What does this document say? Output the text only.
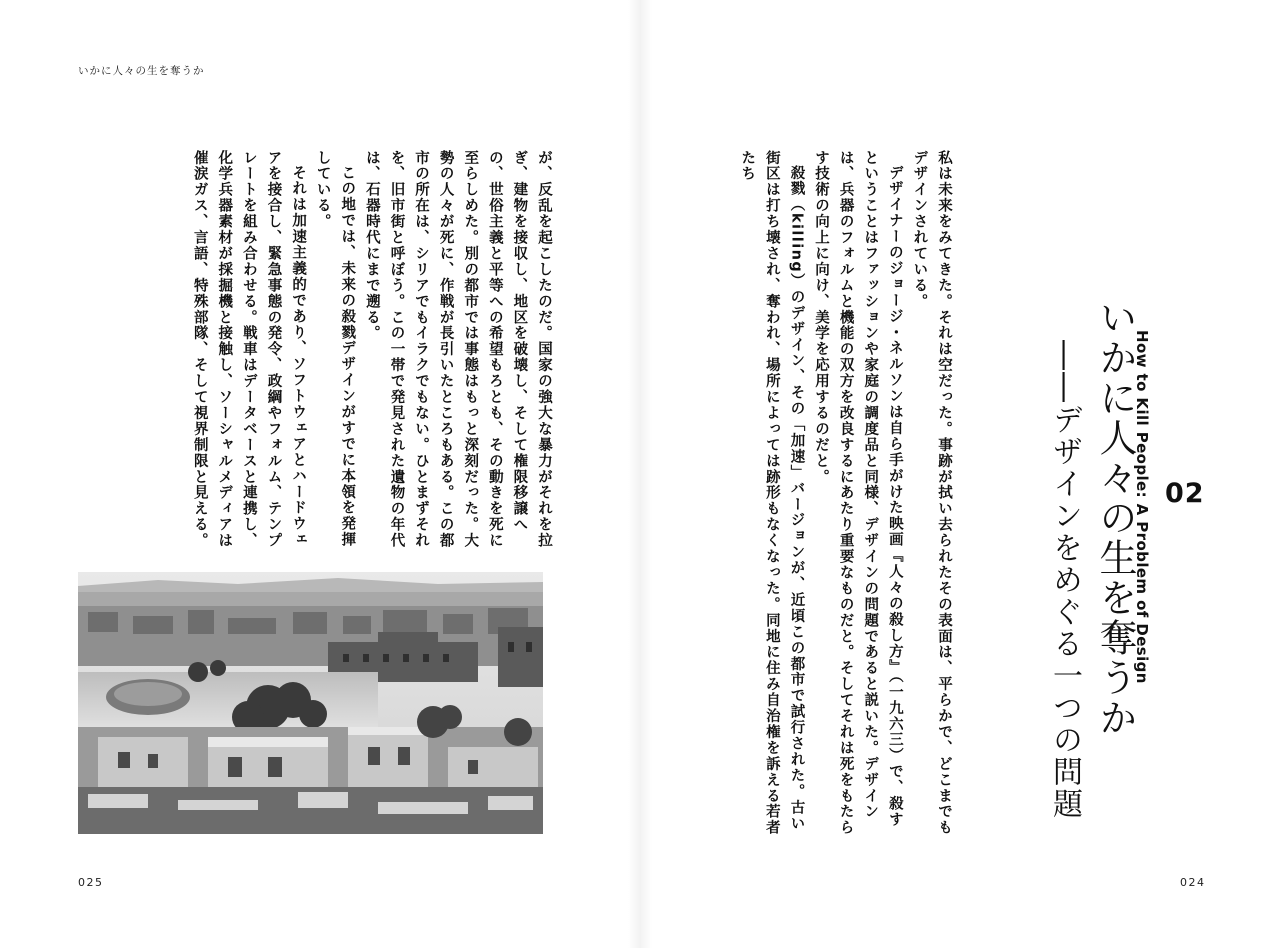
いかに人々の生を奪うか

が、反乱を起こしたのだ。国家の強大な暴力がそれを拉ぎ、建物を接収し、地区を破壊し、そして権限移譲への、世俗主義と平等への希望もろとも、その動きを死に至らしめた。別の都市では事態はもっと深刻だった。大勢の人々が死に、作戦が長引いたところもある。この都市の所在は、シリアでもイラクでもない。ひとまずそれを、旧市街と呼ぼう。この一帯で発見された遺物の年代は、石器時代にまで遡る。

この地では、未来の殺戮デザインがすでに本領を発揮している。

それは加速主義的であり、ソフトウェアとハードウェアを接合し、緊急事態の発令、政綱やフォルム、テンプレートを組み合わせる。戦車はデータベースと連携し、化学兵器素材が採掘機と接触し、ソーシャルメディアは催涙ガス、言語、特殊部隊、そして視界制限と見える。	私は未来をみてきた。それは空だった。事跡が拭い去られたその表面は、平らかで、どこまでもデザインされている。

デザイナーのジョージ・ネルソンは自ら手がけた映画『人々の殺し方』（一九六三）で、殺すということはファッションや家庭の調度品と同様、デザインの問題であると説いた。デザインは、兵器のフォルムと機能の双方を改良するにあたり重要なものだと。そしてそれは死をもたらす技術の向上に向け、美学を応用するのだと。

殺戮（killing）のデザイン、その「加速」バージョンが、近頃この都市で試行された。古い街区は打ち壊され、奪われ、場所によっては跡形もなくなった。同地に住み自治権を訴える若者たち

02
How to Kill People: A Problem of Design
いかに人々の生を奪うか
――デザインをめぐる一つの問題
025	024
